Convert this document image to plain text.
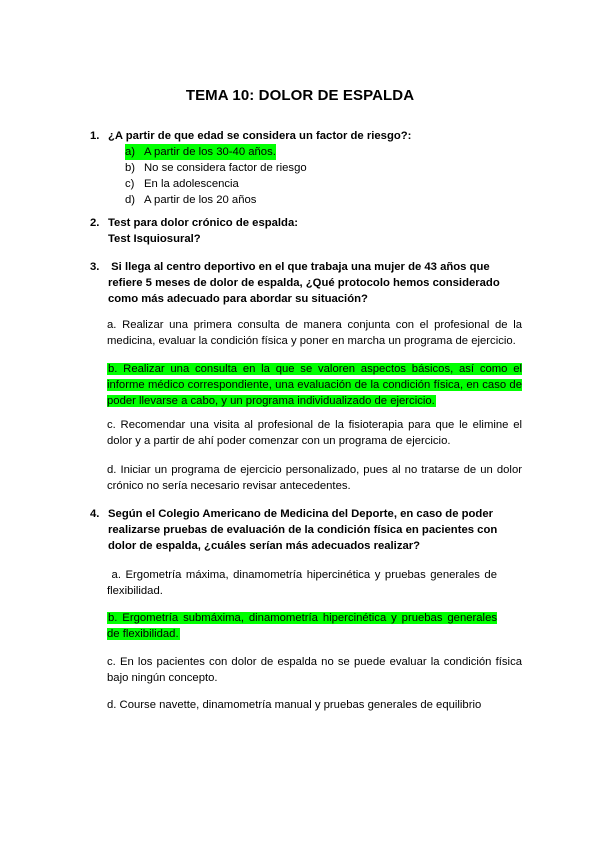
TEMA 10: DOLOR DE ESPALDA
1. ¿A partir de que edad se considera un factor de riesgo?:
a) A partir de los 30-40 años.
b) No se considera factor de riesgo
c) En la adolescencia
d) A partir de los 20 años
2. Test para dolor crónico de espalda:
Test Isquiosural?
3. Si llega al centro deportivo en el que trabaja una mujer de 43 años que refiere 5 meses de dolor de espalda, ¿Qué protocolo hemos considerado como más adecuado para abordar su situación?
a. Realizar una primera consulta de manera conjunta con el profesional de la medicina, evaluar la condición física y poner en marcha un programa de ejercicio.
b. Realizar una consulta en la que se valoren aspectos básicos, así como el informe médico correspondiente, una evaluación de la condición física, en caso de poder llevarse a cabo, y un programa individualizado de ejercicio.
c. Recomendar una visita al profesional de la fisioterapia para que le elimine el dolor y a partir de ahí poder comenzar con un programa de ejercicio.
d. Iniciar un programa de ejercicio personalizado, pues al no tratarse de un dolor crónico no sería necesario revisar antecedentes.
4. Según el Colegio Americano de Medicina del Deporte, en caso de poder realizarse pruebas de evaluación de la condición física en pacientes con dolor de espalda, ¿cuáles serían más adecuados realizar?
a. Ergometría máxima, dinamometría hipercinética y pruebas generales de flexibilidad.
b. Ergometría submáxima, dinamometría hipercinética y pruebas generales de flexibilidad.
c. En los pacientes con dolor de espalda no se puede evaluar la condición física bajo ningún concepto.
d. Course navette, dinamometría manual y pruebas generales de equilibrio
